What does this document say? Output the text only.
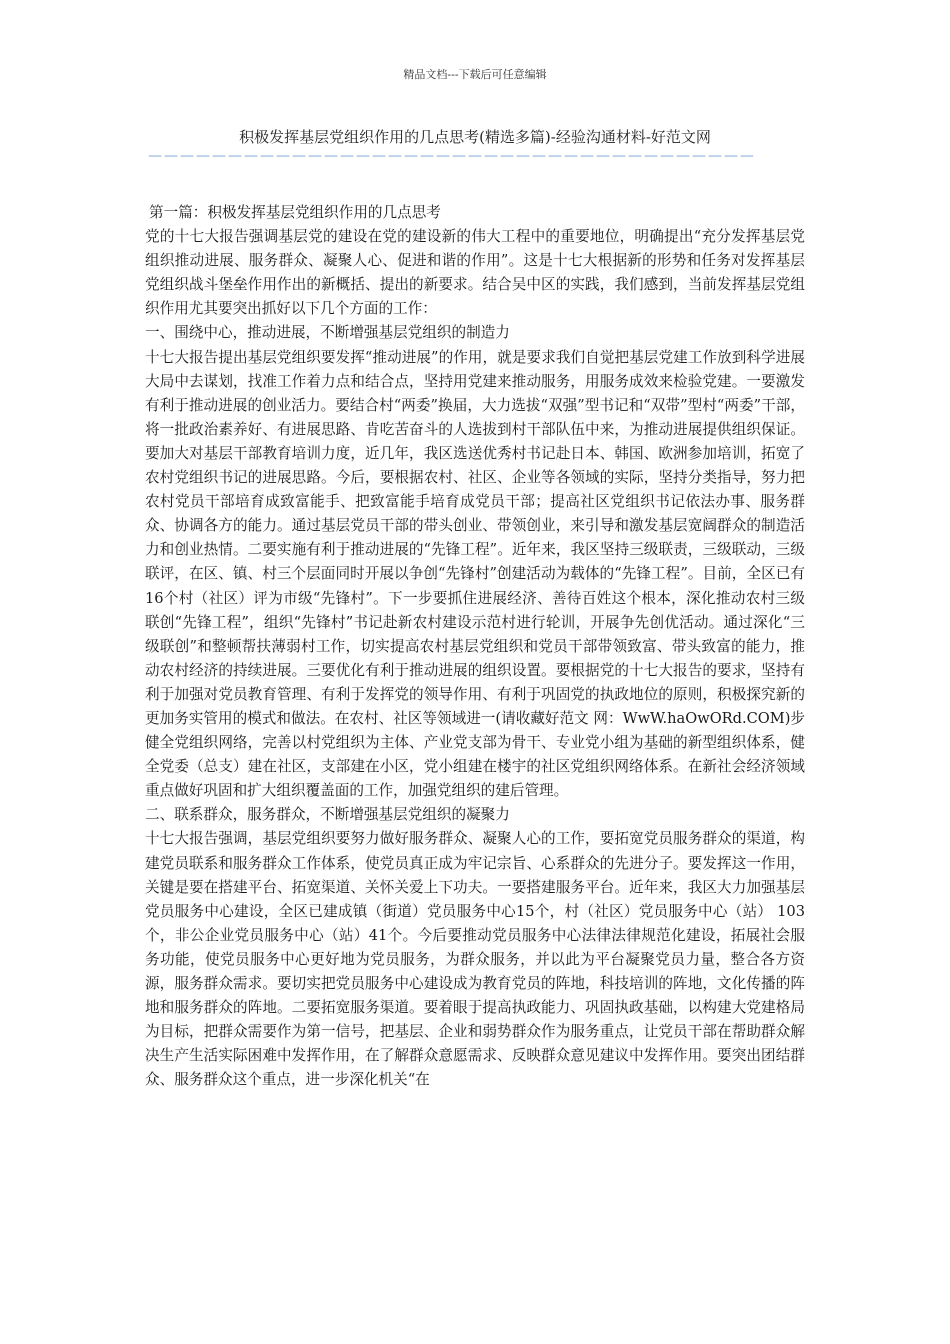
精品文档---下载后可任意编辑
积极发挥基层党组织作用的几点思考(精选多篇)-经验沟通材料-好范文网
——————————————————————————————————————

第一篇：积极发挥基层党组织作用的几点思考

党的十七大报告强调基层党的建设在党的建设新的伟大工程中的重要地位，明确提出“充分发挥基层党组织推动进展、服务群众、凝聚人心、促进和谐的作用”。这是十七大根据新的形势和任务对发挥基层党组织战斗堡垒作用作出的新概括、提出的新要求。结合吴中区的实践，我们感到，当前发挥基层党组织作用尤其要突出抓好以下几个方面的工作：

一、围绕中心，推动进展，不断增强基层党组织的制造力

十七大报告提出基层党组织要发挥“推动进展”的作用，就是要求我们自觉把基层党建工作放到科学进展大局中去谋划，找准工作着力点和结合点，坚持用党建来推动服务，用服务成效来检验党建。一要激发有利于推动进展的创业活力。要结合村“两委”换届，大力选拔“双强”型书记和“双带”型村“两委”干部，将一批政治素养好、有进展思路、肯吃苦奋斗的人选拔到村干部队伍中来，为推动进展提供组织保证。要加大对基层干部教育培训力度，近几年，我区选送优秀村书记赴日本、韩国、欧洲参加培训，拓宽了农村党组织书记的进展思路。今后，要根据农村、社区、企业等各领域的实际，坚持分类指导，努力把农村党员干部培育成致富能手、把致富能手培育成党员干部；提高社区党组织书记依法办事、服务群众、协调各方的能力。通过基层党员干部的带头创业、带领创业，来引导和激发基层宽阔群众的制造活力和创业热情。二要实施有利于推动进展的“先锋工程”。近年来，我区坚持三级联责，三级联动，三级联评，在区、镇、村三个层面同时开展以争创“先锋村”创建活动为载体的“先锋工程”。目前，全区已有16个村（社区）评为市级“先锋村”。下一步要抓住进展经济、善待百姓这个根本，深化推动农村三级联创“先锋工程”，组织“先锋村”书记赴新农村建设示范村进行轮训，开展争先创优活动。通过深化“三级联创”和整顿帮扶薄弱村工作，切实提高农村基层党组织和党员干部带领致富、带头致富的能力，推动农村经济的持续进展。三要优化有利于推动进展的组织设置。要根据党的十七大报告的要求，坚持有利于加强对党员教育管理、有利于发挥党的领导作用、有利于巩固党的执政地位的原则，积极探究新的更加务实管用的模式和做法。在农村、社区等领域进一(请收藏好范文 网：WwW.haOwORd.COM)步健全党组织网络，完善以村党组织为主体、产业党支部为骨干、专业党小组为基础的新型组织体系，健全党委（总支）建在社区，支部建在小区，党小组建在楼宇的社区党组织网络体系。在新社会经济领域重点做好巩固和扩大组织覆盖面的工作，加强党组织的建后管理。

二、联系群众，服务群众，不断增强基层党组织的凝聚力

十七大报告强调，基层党组织要努力做好服务群众、凝聚人心的工作，要拓宽党员服务群众的渠道，构建党员联系和服务群众工作体系，使党员真正成为牢记宗旨、心系群众的先进分子。要发挥这一作用，关键是要在搭建平台、拓宽渠道、关怀关爱上下功夫。一要搭建服务平台。近年来，我区大力加强基层党员服务中心建设，全区已建成镇（街道）党员服务中心15个，村（社区）党员服务中心（站） 103个，非公企业党员服务中心（站）41个。今后要推动党员服务中心法律法律规范化建设，拓展社会服务功能，使党员服务中心更好地为党员服务，为群众服务，并以此为平台凝聚党员力量，整合各方资源，服务群众需求。要切实把党员服务中心建设成为教育党员的阵地，科技培训的阵地，文化传播的阵地和服务群众的阵地。二要拓宽服务渠道。要着眼于提高执政能力、巩固执政基础，以构建大党建格局为目标，把群众需要作为第一信号，把基层、企业和弱势群众作为服务重点，让党员干部在帮助群众解决生产生活实际困难中发挥作用，在了解群众意愿需求、反映群众意见建议中发挥作用。要突出团结群众、服务群众这个重点，进一步深化机关“在
